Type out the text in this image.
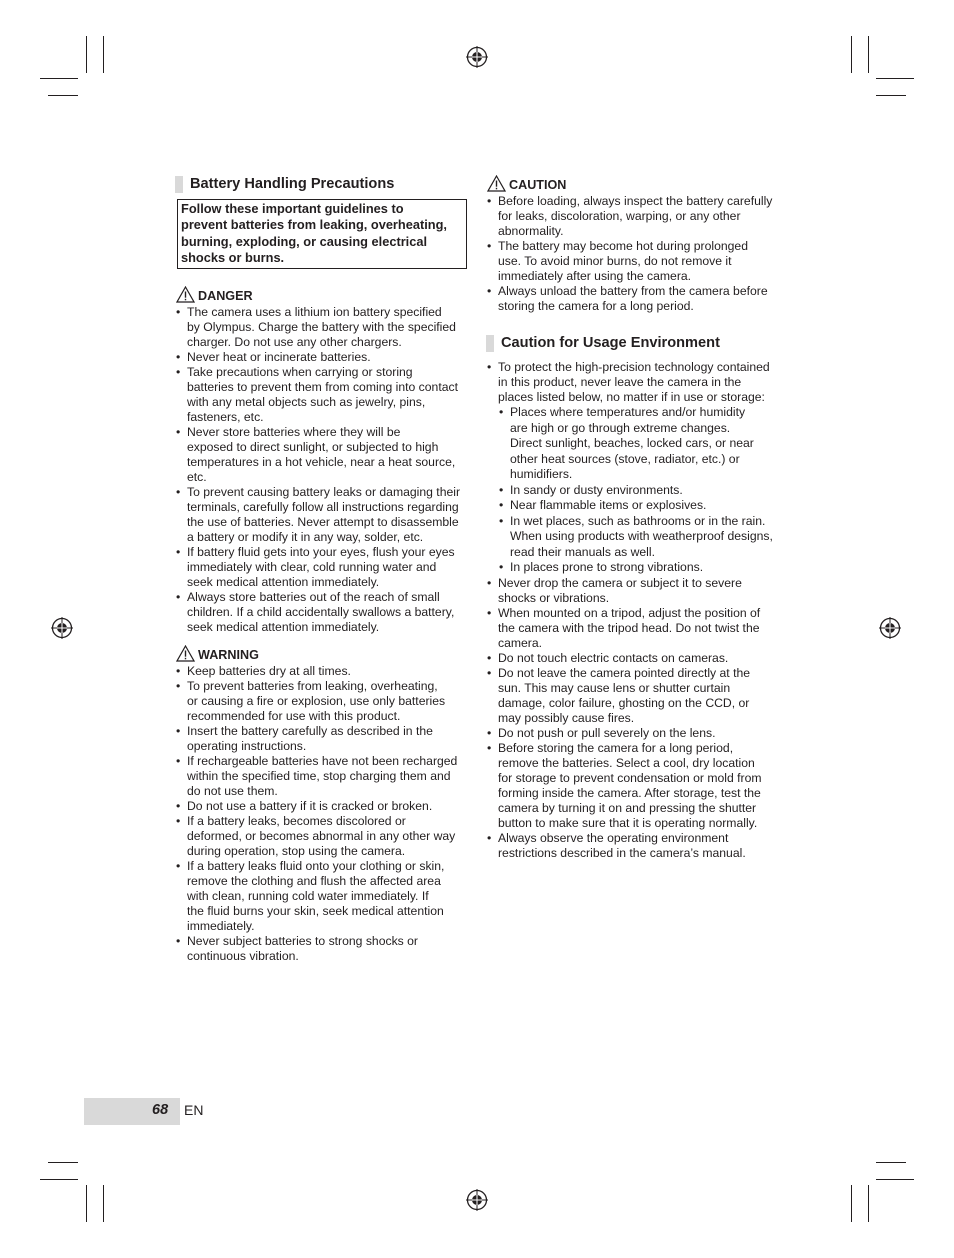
Battery Handling Precautions
Follow these important guidelines to
prevent batteries from leaking, overheating,
burning, exploding, or causing electrical
shocks or burns.
DANGER
• The camera uses a lithium ion battery specified
by Olympus. Charge the battery with the specified
charger. Do not use any other chargers.
• Never heat or incinerate batteries.
• Take precautions when carrying or storing
batteries to prevent them from coming into contact
with any metal objects such as jewelry, pins,
fasteners, etc.
• Never store batteries where they will be
exposed to direct sunlight, or subjected to high
temperatures in a hot vehicle, near a heat source,
etc.
• To prevent causing battery leaks or damaging their
terminals, carefully follow all instructions regarding
the use of batteries. Never attempt to disassemble
a battery or modify it in any way, solder, etc.
• If battery fluid gets into your eyes, flush your eyes
immediately with clear, cold running water and
seek medical attention immediately.
• Always store batteries out of the reach of small
children. If a child accidentally swallows a battery,
seek medical attention immediately.
WARNING
• Keep batteries dry at all times.
• To prevent batteries from leaking, overheating,
or causing a fire or explosion, use only batteries
recommended for use with this product.
• Insert the battery carefully as described in the
operating instructions.
• If rechargeable batteries have not been recharged
within the specified time, stop charging them and
do not use them.
• Do not use a battery if it is cracked or broken.
• If a battery leaks, becomes discolored or
deformed, or becomes abnormal in any other way
during operation, stop using the camera.
• If a battery leaks fluid onto your clothing or skin,
remove the clothing and flush the affected area
with clean, running cold water immediately. If
the fluid burns your skin, seek medical attention
immediately.
• Never subject batteries to strong shocks or
continuous vibration.
CAUTION
• Before loading, always inspect the battery carefully
for leaks, discoloration, warping, or any other
abnormality.
• The battery may become hot during prolonged
use. To avoid minor burns, do not remove it
immediately after using the camera.
• Always unload the battery from the camera before
storing the camera for a long period.
Caution for Usage Environment
• To protect the high-precision technology contained
in this product, never leave the camera in the
places listed below, no matter if in use or storage:
• Places where temperatures and/or humidity
are high or go through extreme changes.
Direct sunlight, beaches, locked cars, or near
other heat sources (stove, radiator, etc.) or
humidifiers.
• In sandy or dusty environments.
• Near flammable items or explosives.
• In wet places, such as bathrooms or in the rain.
When using products with weatherproof designs,
read their manuals as well.
• In places prone to strong vibrations.
• Never drop the camera or subject it to severe
shocks or vibrations.
• When mounted on a tripod, adjust the position of
the camera with the tripod head. Do not twist the
camera.
• Do not touch electric contacts on cameras.
• Do not leave the camera pointed directly at the
sun. This may cause lens or shutter curtain
damage, color failure, ghosting on the CCD, or
may possibly cause fires.
• Do not push or pull severely on the lens.
• Before storing the camera for a long period,
remove the batteries. Select a cool, dry location
for storage to prevent condensation or mold from
forming inside the camera. After storage, test the
camera by turning it on and pressing the shutter
button to make sure that it is operating normally.
• Always observe the operating environment
restrictions described in the camera’s manual.
68 EN
